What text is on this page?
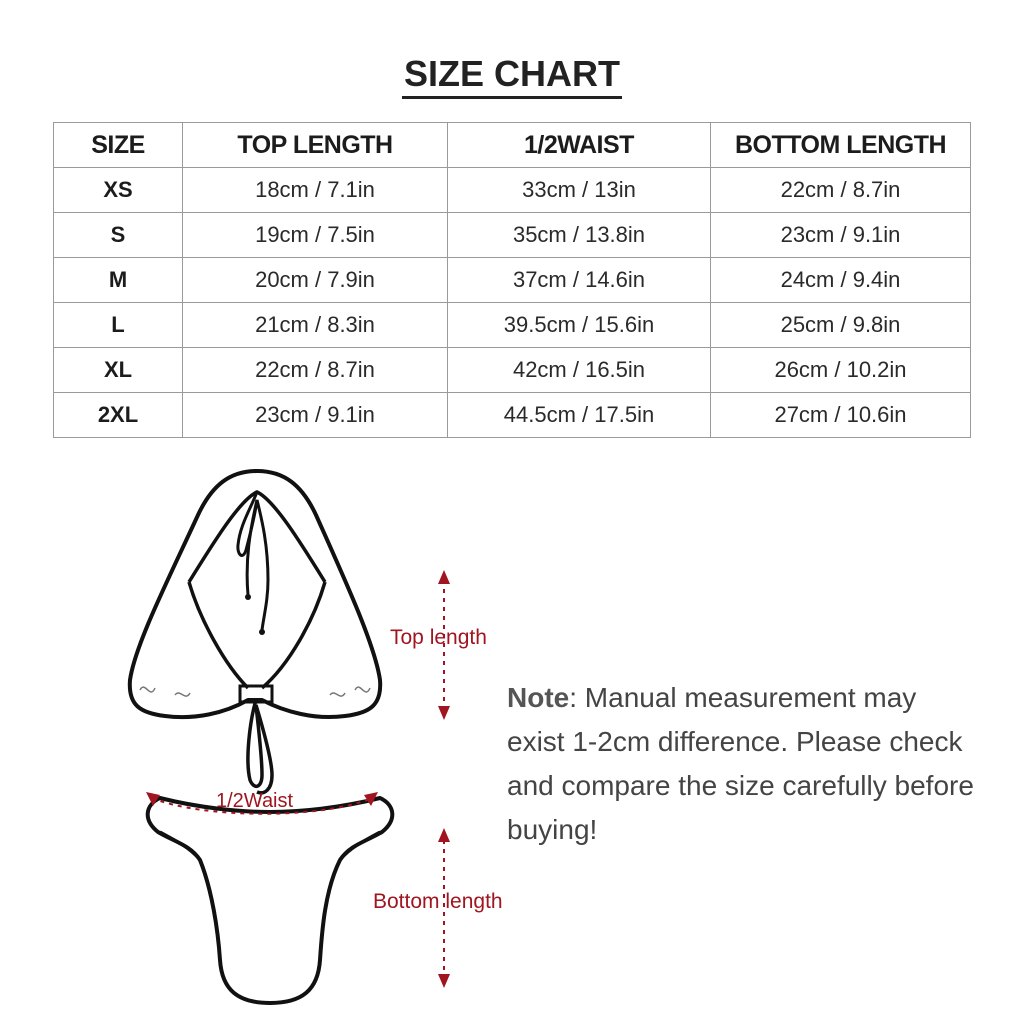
SIZE CHART
SIZE	TOP LENGTH	1/2WAIST	BOTTOM LENGTH
XS	18cm / 7.1in	33cm / 13in	22cm / 8.7in
S	19cm / 7.5in	35cm / 13.8in	23cm / 9.1in
M	20cm / 7.9in	37cm / 14.6in	24cm / 9.4in
L	21cm / 8.3in	39.5cm / 15.6in	25cm / 9.8in
XL	22cm / 8.7in	42cm / 16.5in	26cm / 10.2in
2XL	23cm / 9.1in	44.5cm / 17.5in	27cm / 10.6in
Top length
1/2Waist
Bottom length
Note: Manual measurement may exist 1-2cm difference. Please check and compare the size carefully before buying!
